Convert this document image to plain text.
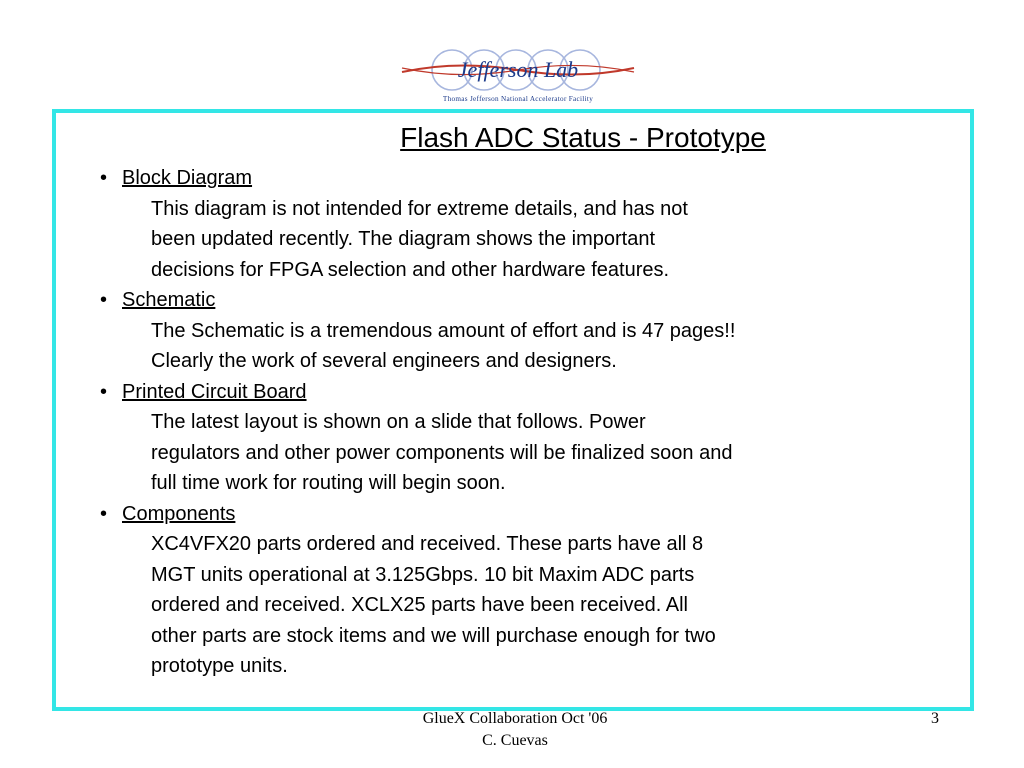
Jefferson Lab
Thomas Jefferson National Accelerator Facility
Flash ADC Status - Prototype
• Block Diagram
This diagram is not intended for extreme details, and has not
been updated recently. The diagram shows the important
decisions for FPGA selection and other hardware features.
• Schematic
The Schematic is a tremendous amount of effort and is 47 pages!!
Clearly the work of several engineers and designers.
• Printed Circuit Board
The latest layout is shown on a slide that follows. Power
regulators and other power components will be finalized soon and
full time work for routing will begin soon.
• Components
XC4VFX20 parts ordered and received. These parts have all 8
MGT units operational at 3.125Gbps. 10 bit Maxim ADC parts
ordered and received. XCLX25 parts have been received. All
other parts are stock items and we will purchase enough for two
prototype units.
GlueX Collaboration Oct '06
C. Cuevas
3
